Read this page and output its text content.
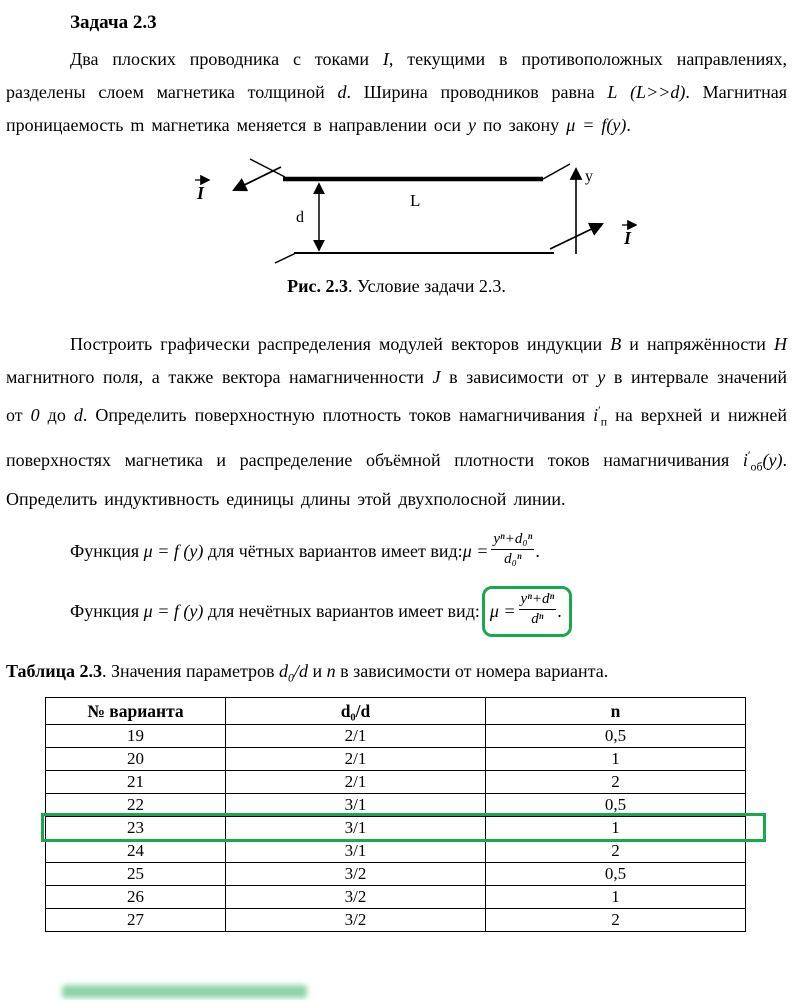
Задача 2.3

Два плоских проводника с токами I, текущими в противоположных направлениях, разделены слоем магнетика толщиной d. Ширина проводников равна L (L>>d). Магнитная проницаемость m магнетика меняется в направлении оси y по закону μ = f(y).

I
d
L
I
y

Рис. 2.3. Условие задачи 2.3.

Построить графически распределения модулей векторов индукции B и напряжённости H магнитного поля, а также вектора намагниченности J в зависимости от y в интервале значений от 0 до d. Определить поверхностную плотность токов намагничивания $i'_п$ на верхней и нижней поверхностях магнетика и распределение объёмной плотности токов намагничивания $i'_{об}(y)$. Определить индуктивность единицы длины этой двухполосной линии.

Функция μ = f (y) для чётных вариантов имеет вид: $\mu = \frac{\text{yⁿ+d₀ⁿ}}{\text{d₀ⁿ}}$ .

Функция μ = f (y) для нечётных вариантов имеет вид: $\mu = \frac{\text{yⁿ+dⁿ}}{\text{dⁿ}}$ .

Таблица 2.3. Значения параметров $d_0/d$ и n в зависимости от номера варианта.

№ варианта	d₀/d	n
19	2/1	0,5
20	2/1	1
21	2/1	2
22	3/1	0,5
23	3/1	1
24	3/1	2
25	3/2	0,5
26	3/2	1
27	3/2	2
